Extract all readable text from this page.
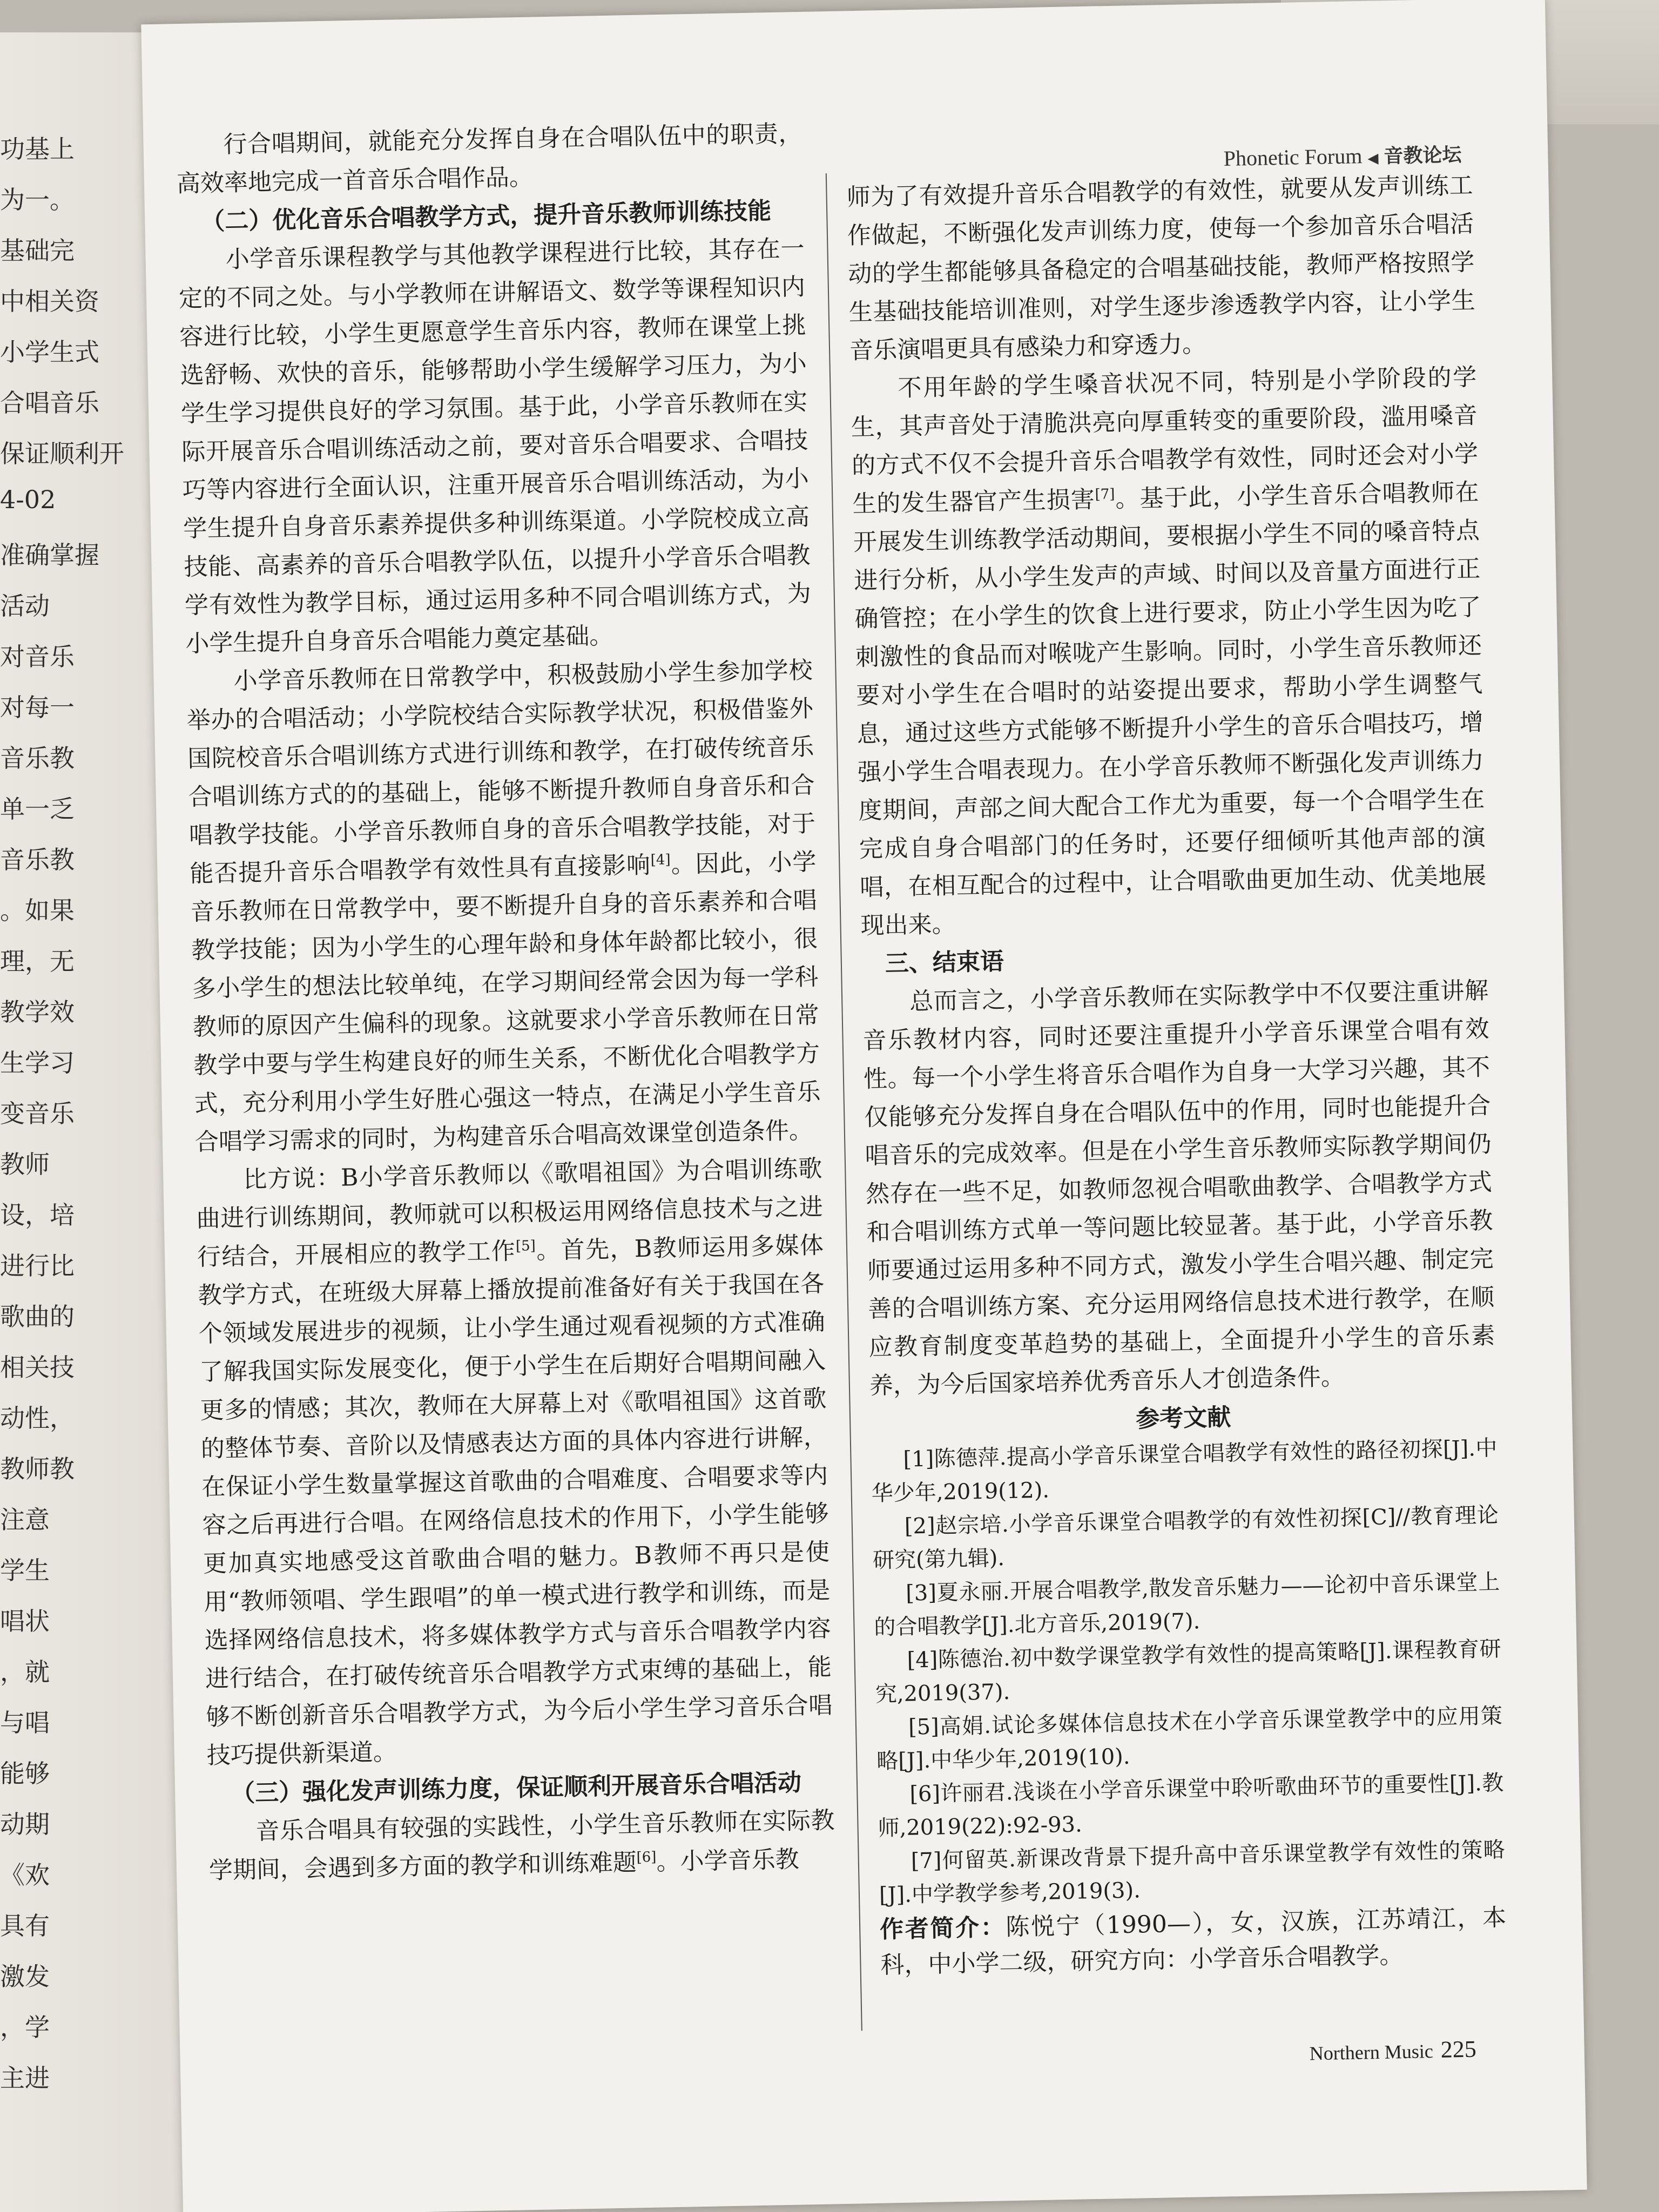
功基上
为一。
基础完
中相关资
小学生式
合唱音乐
保证顺利开
4-02
准确掌握
活动
对音乐
对每一
音乐教
单一乏
音乐教
。如果
理，无
教学效
生学习
变音乐
教师
设，培
进行比
歌曲的
相关技
动性，
教师教
注意
学生
唱状
，就
与唱
能够
动期
《欢
具有
激发
，学
主进
Phonetic Forum ◀ 音教论坛

行合唱期间，就能充分发挥自身在合唱队伍中的职责，高效率地完成一首音乐合唱作品。

（二）优化音乐合唱教学方式，提升音乐教师训练技能

小学音乐课程教学与其他教学课程进行比较，其存在一定的不同之处。与小学教师在讲解语文、数学等课程知识内容进行比较，小学生更愿意学生音乐内容，教师在课堂上挑选舒畅、欢快的音乐，能够帮助小学生缓解学习压力，为小学生学习提供良好的学习氛围。基于此，小学音乐教师在实际开展音乐合唱训练活动之前，要对音乐合唱要求、合唱技巧等内容进行全面认识，注重开展音乐合唱训练活动，为小学生提升自身音乐素养提供多种训练渠道。小学院校成立高技能、高素养的音乐合唱教学队伍，以提升小学音乐合唱教学有效性为教学目标，通过运用多种不同合唱训练方式，为小学生提升自身音乐合唱能力奠定基础。

小学音乐教师在日常教学中，积极鼓励小学生参加学校举办的合唱活动；小学院校结合实际教学状况，积极借鉴外国院校音乐合唱训练方式进行训练和教学，在打破传统音乐合唱训练方式的的基础上，能够不断提升教师自身音乐和合唱教学技能。小学音乐教师自身的音乐合唱教学技能，对于能否提升音乐合唱教学有效性具有直接影响[4]。因此，小学音乐教师在日常教学中，要不断提升自身的音乐素养和合唱教学技能；因为小学生的心理年龄和身体年龄都比较小，很多小学生的想法比较单纯，在学习期间经常会因为每一学科教师的原因产生偏科的现象。这就要求小学音乐教师在日常教学中要与学生构建良好的师生关系，不断优化合唱教学方式，充分利用小学生好胜心强这一特点，在满足小学生音乐合唱学习需求的同时，为构建音乐合唱高效课堂创造条件。

比方说：B小学音乐教师以《歌唱祖国》为合唱训练歌曲进行训练期间，教师就可以积极运用网络信息技术与之进行结合，开展相应的教学工作[5]。首先，B教师运用多媒体教学方式，在班级大屏幕上播放提前准备好有关于我国在各个领域发展进步的视频，让小学生通过观看视频的方式准确了解我国实际发展变化，便于小学生在后期好合唱期间融入更多的情感；其次，教师在大屏幕上对《歌唱祖国》这首歌的整体节奏、音阶以及情感表达方面的具体内容进行讲解，在保证小学生数量掌握这首歌曲的合唱难度、合唱要求等内容之后再进行合唱。在网络信息技术的作用下，小学生能够更加真实地感受这首歌曲合唱的魅力。B教师不再只是使用“教师领唱、学生跟唱”的单一模式进行教学和训练，而是选择网络信息技术，将多媒体教学方式与音乐合唱教学内容进行结合，在打破传统音乐合唱教学方式束缚的基础上，能够不断创新音乐合唱教学方式，为今后小学生学习音乐合唱技巧提供新渠道。

（三）强化发声训练力度，保证顺利开展音乐合唱活动

音乐合唱具有较强的实践性，小学生音乐教师在实际教学期间，会遇到多方面的教学和训练难题[6]。小学音乐教

师为了有效提升音乐合唱教学的有效性，就要从发声训练工作做起，不断强化发声训练力度，使每一个参加音乐合唱活动的学生都能够具备稳定的合唱基础技能，教师严格按照学生基础技能培训准则，对学生逐步渗透教学内容，让小学生音乐演唱更具有感染力和穿透力。

不用年龄的学生嗓音状况不同，特别是小学阶段的学生，其声音处于清脆洪亮向厚重转变的重要阶段，滥用嗓音的方式不仅不会提升音乐合唱教学有效性，同时还会对小学生的发生器官产生损害[7]。基于此，小学生音乐合唱教师在开展发生训练教学活动期间，要根据小学生不同的嗓音特点进行分析，从小学生发声的声域、时间以及音量方面进行正确管控；在小学生的饮食上进行要求，防止小学生因为吃了刺激性的食品而对喉咙产生影响。同时，小学生音乐教师还要对小学生在合唱时的站姿提出要求，帮助小学生调整气息，通过这些方式能够不断提升小学生的音乐合唱技巧，增强小学生合唱表现力。在小学音乐教师不断强化发声训练力度期间，声部之间大配合工作尤为重要，每一个合唱学生在完成自身合唱部门的任务时，还要仔细倾听其他声部的演唱，在相互配合的过程中，让合唱歌曲更加生动、优美地展现出来。

三、结束语

总而言之，小学音乐教师在实际教学中不仅要注重讲解音乐教材内容，同时还要注重提升小学音乐课堂合唱有效性。每一个小学生将音乐合唱作为自身一大学习兴趣，其不仅能够充分发挥自身在合唱队伍中的作用，同时也能提升合唱音乐的完成效率。但是在小学生音乐教师实际教学期间仍然存在一些不足，如教师忽视合唱歌曲教学、合唱教学方式和合唱训练方式单一等问题比较显著。基于此，小学音乐教师要通过运用多种不同方式，激发小学生合唱兴趣、制定完善的合唱训练方案、充分运用网络信息技术进行教学，在顺应教育制度变革趋势的基础上，全面提升小学生的音乐素养，为今后国家培养优秀音乐人才创造条件。

参考文献

[1]陈德萍.提高小学音乐课堂合唱教学有效性的路径初探[J].中华少年,2019(12).

[2]赵宗培.小学音乐课堂合唱教学的有效性初探[C]//教育理论研究(第九辑).

[3]夏永丽.开展合唱教学,散发音乐魅力——论初中音乐课堂上的合唱教学[J].北方音乐,2019(7).

[4]陈德治.初中数学课堂教学有效性的提高策略[J].课程教育研究,2019(37).

[5]高娟.试论多媒体信息技术在小学音乐课堂教学中的应用策略[J].中华少年,2019(10).

[6]许丽君.浅谈在小学音乐课堂中聆听歌曲环节的重要性[J].教师,2019(22):92-93.

[7]何留英.新课改背景下提升高中音乐课堂教学有效性的策略[J].中学教学参考,2019(3).

作者简介：陈悦宁（1990—），女，汉族，江苏靖江，本科，中小学二级，研究方向：小学音乐合唱教学。

Northern Music 225
